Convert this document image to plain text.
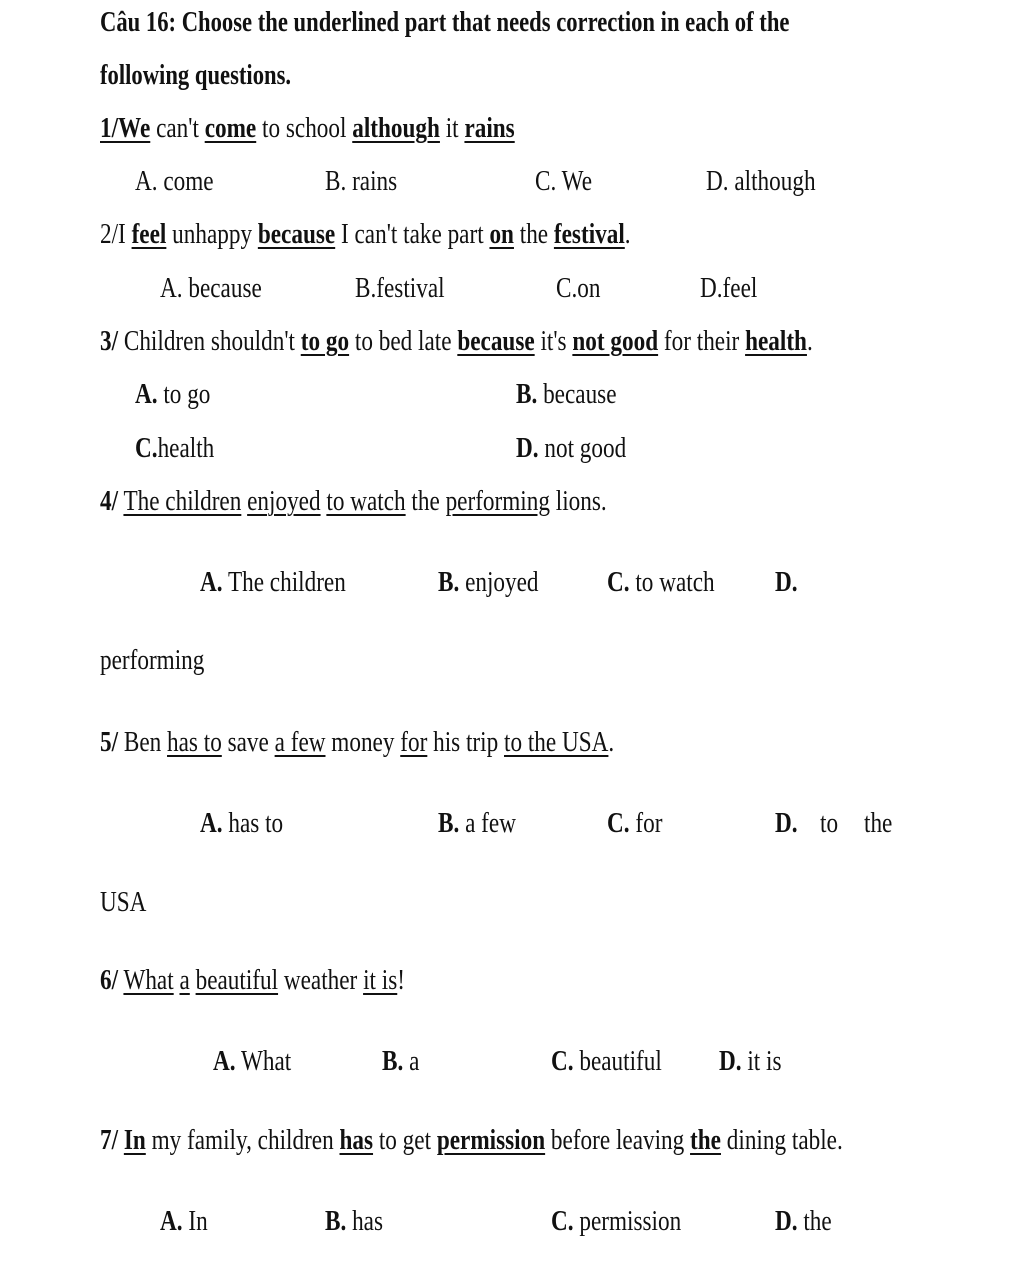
Câu 16: Choose the underlined part that needs correction in each of the
following questions.
1/We can't come to school although it rains
A. come	B. rains	C. We	D. although
2/I feel unhappy because I can't take part on the festival.
A. because	B.festival	C.on	D.feel
3/ Children shouldn't to go to bed late because it's not good for their health.
A. to go	B. because
C.health	D. not good
4/ The children enjoyed to watch the performing lions.
A. The children	B. enjoyed C. to watch D.
performing
5/ Ben has to save a few money for his trip to the USA.
A. has to	B. a few	C. for	D. to the
USA
6/ What a beautiful weather it is!
A. What	B. a	C. beautiful D. it is
7/ In my family, children has to get permission before leaving the dining table.
A. In	B. has	C. permission	D. the
